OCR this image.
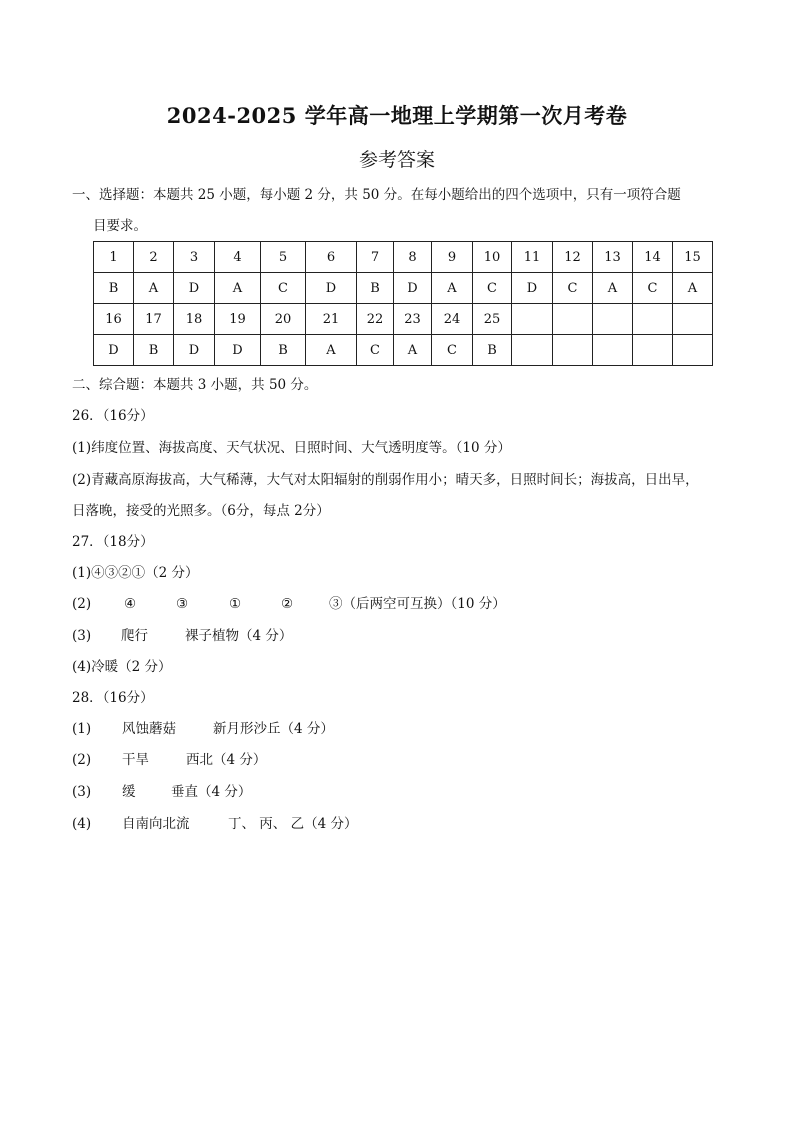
2024-2025 学年高一地理上学期第一次月考卷
参考答案
一、选择题：本题共 25 小题，每小题 2 分，共 50 分。在每小题给出的四个选项中，只有一项符合题
目要求。
1	2	3	4	5	6	7	8	9	10	11	12	13	14	15
B	A	D	A	C	D	B	D	A	C	D	C	A	C	A
16	17	18	19	20	21	22	23	24	25					
D	B	D	D	B	A	C	A	C	B					
二、综合题：本题共 3 小题，共 50 分。
26．（16分）
(1)纬度位置、海拔高度、天气状况、日照时间、大气透明度等。（10 分）
(2)青藏高原海拔高，大气稀薄，大气对太阳辐射的削弱作用小；晴天多，日照时间长；海拔高，日出早，
日落晚，接受的光照多。（6分，每点 2分）
27．（18分）
(1)④③②①（2 分）
(2) ④	③	①	②	③（后两空可互换）（10 分）
(3) 爬行	裸子植物（4 分）
(4)冷暖（2 分）
28．（16分）
(1) 风蚀蘑菇	新月形沙丘（4 分）
(2) 干旱	西北（4 分）
(3) 缓	垂直（4 分）
(4) 自南向北流	丁、 丙、 乙（4 分）
